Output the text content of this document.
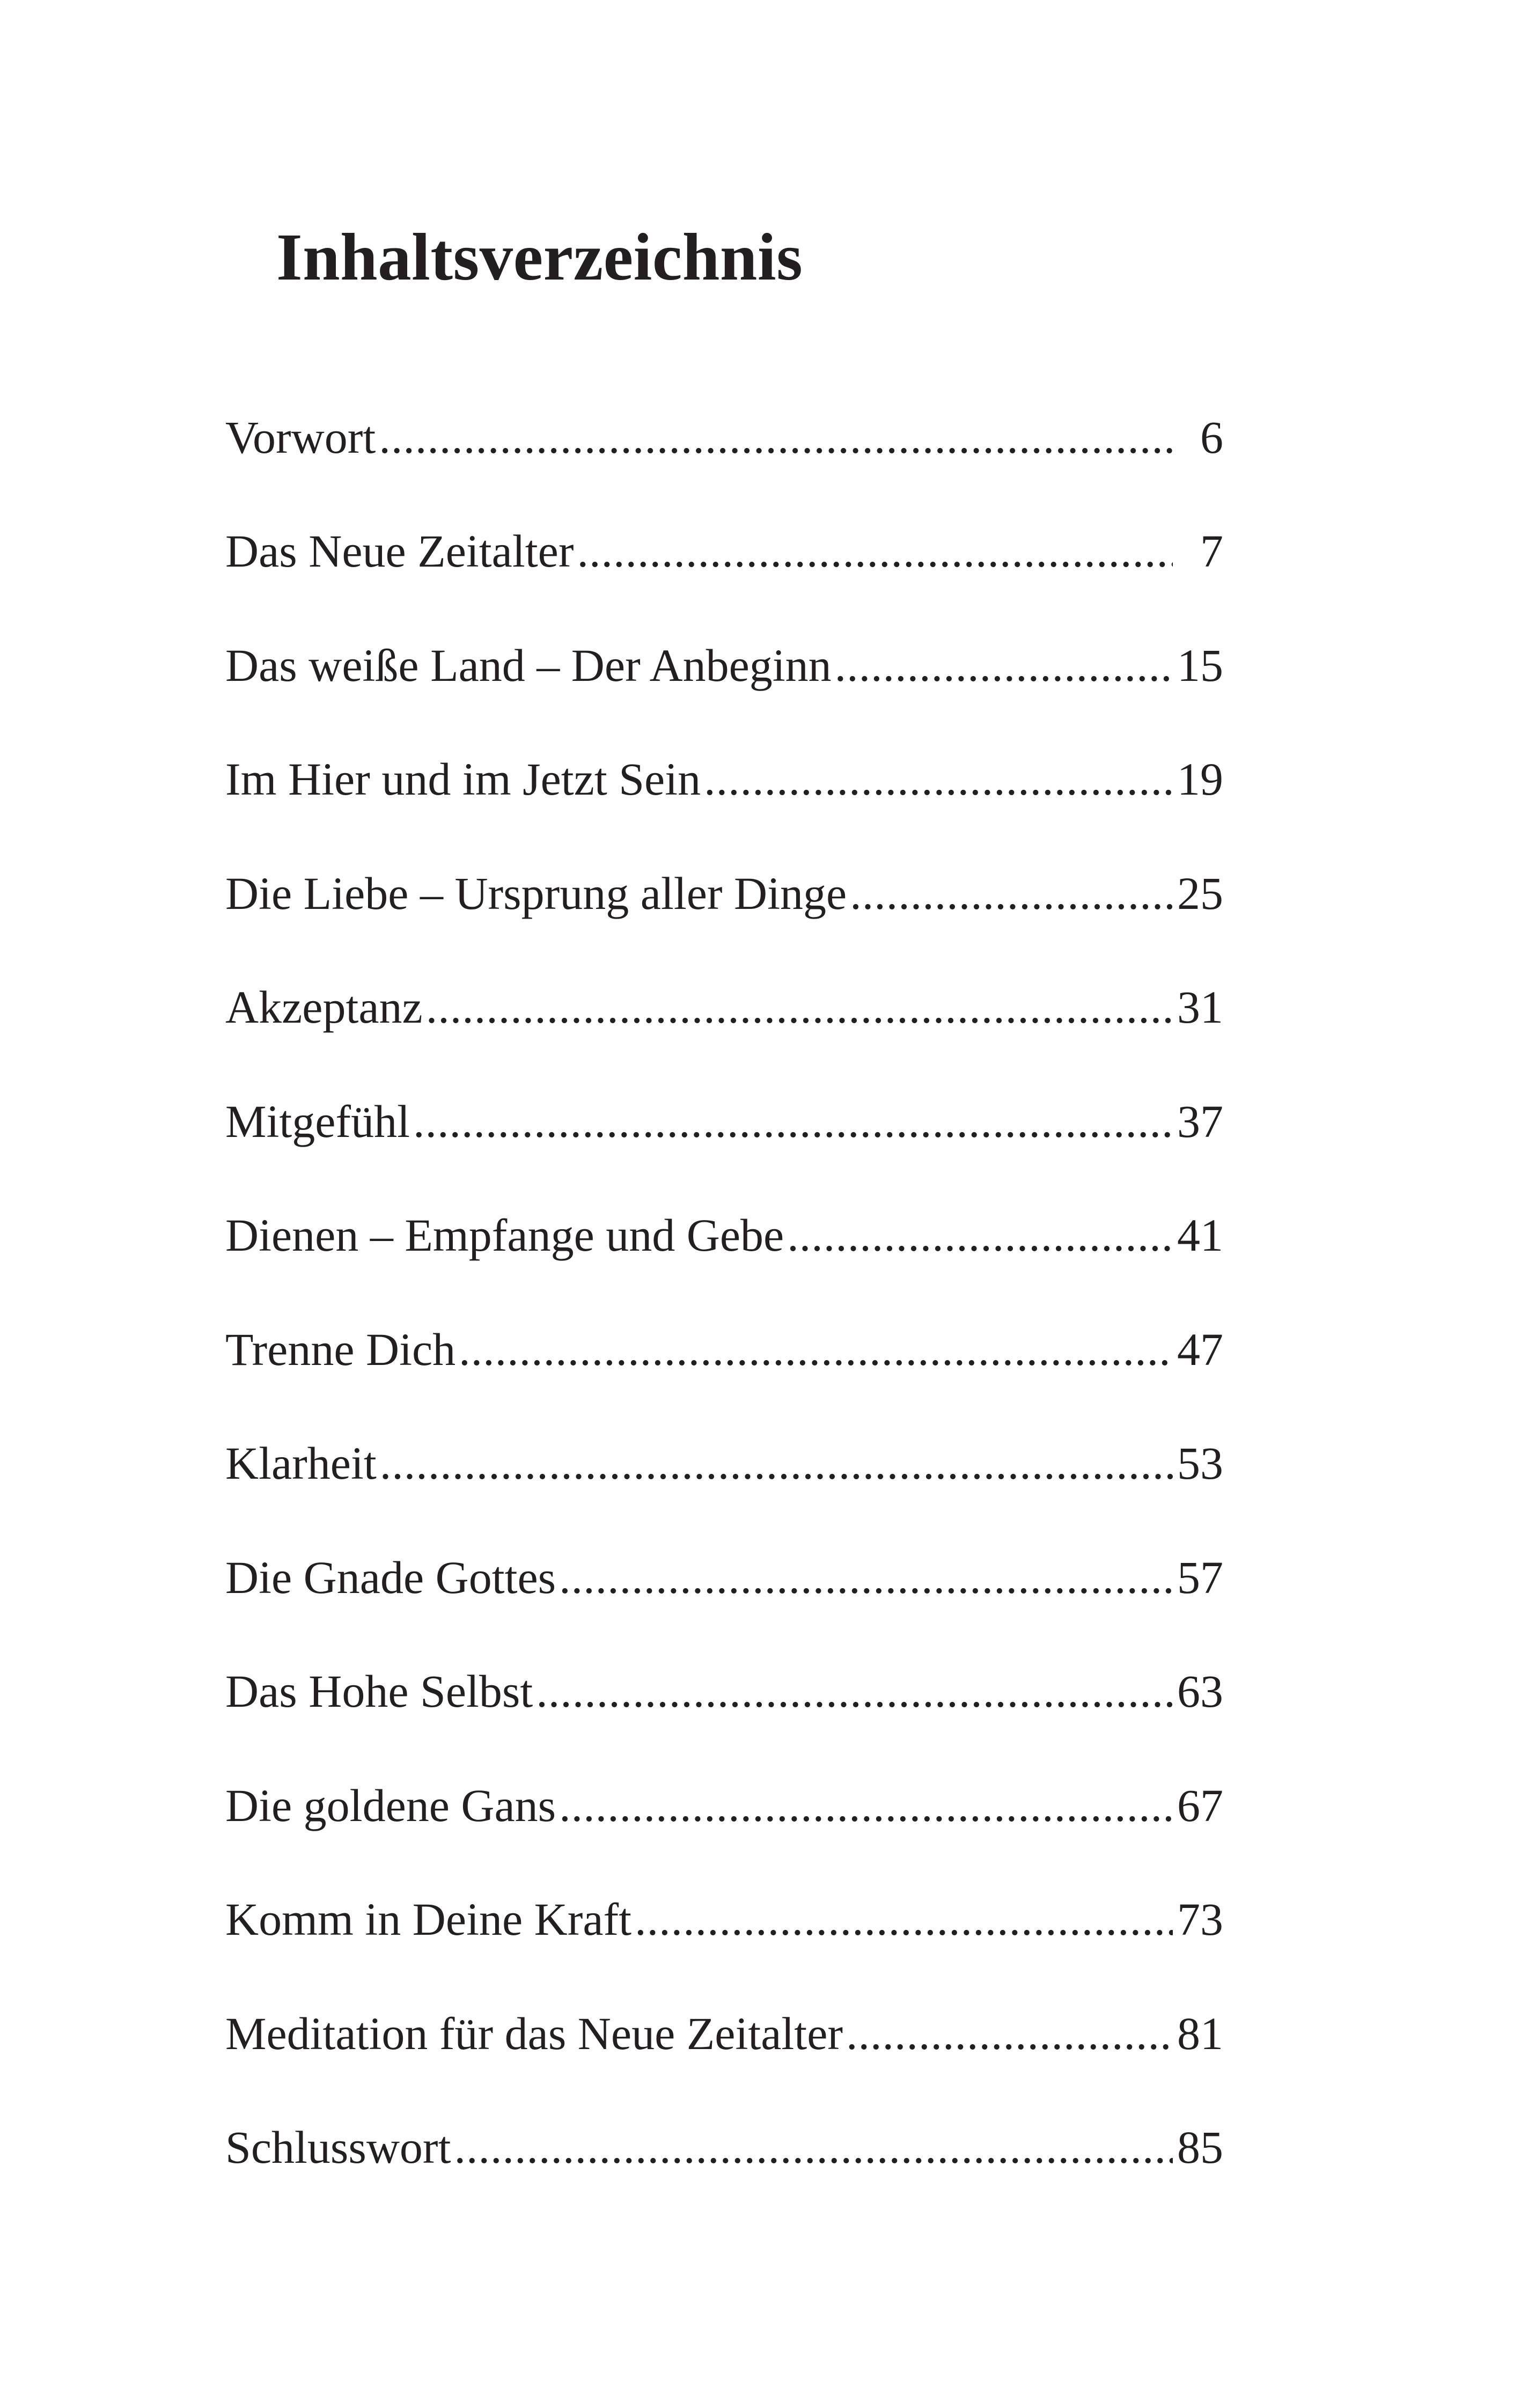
Inhaltsverzeichnis
Vorwort .....	6
Das Neue Zeitalter .....	7
Das weiße Land – Der Anbeginn .....	15
Im Hier und im Jetzt Sein .....	19
Die Liebe – Ursprung aller Dinge .....	25
Akzeptanz .....	31
Mitgefühl .....	37
Dienen – Empfange und Gebe .....	41
Trenne Dich .....	47
Klarheit .....	53
Die Gnade Gottes .....	57
Das Hohe Selbst .....	63
Die goldene Gans .....	67
Komm in Deine Kraft .....	73
Meditation für das Neue Zeitalter .....	81
Schlusswort .....	85
